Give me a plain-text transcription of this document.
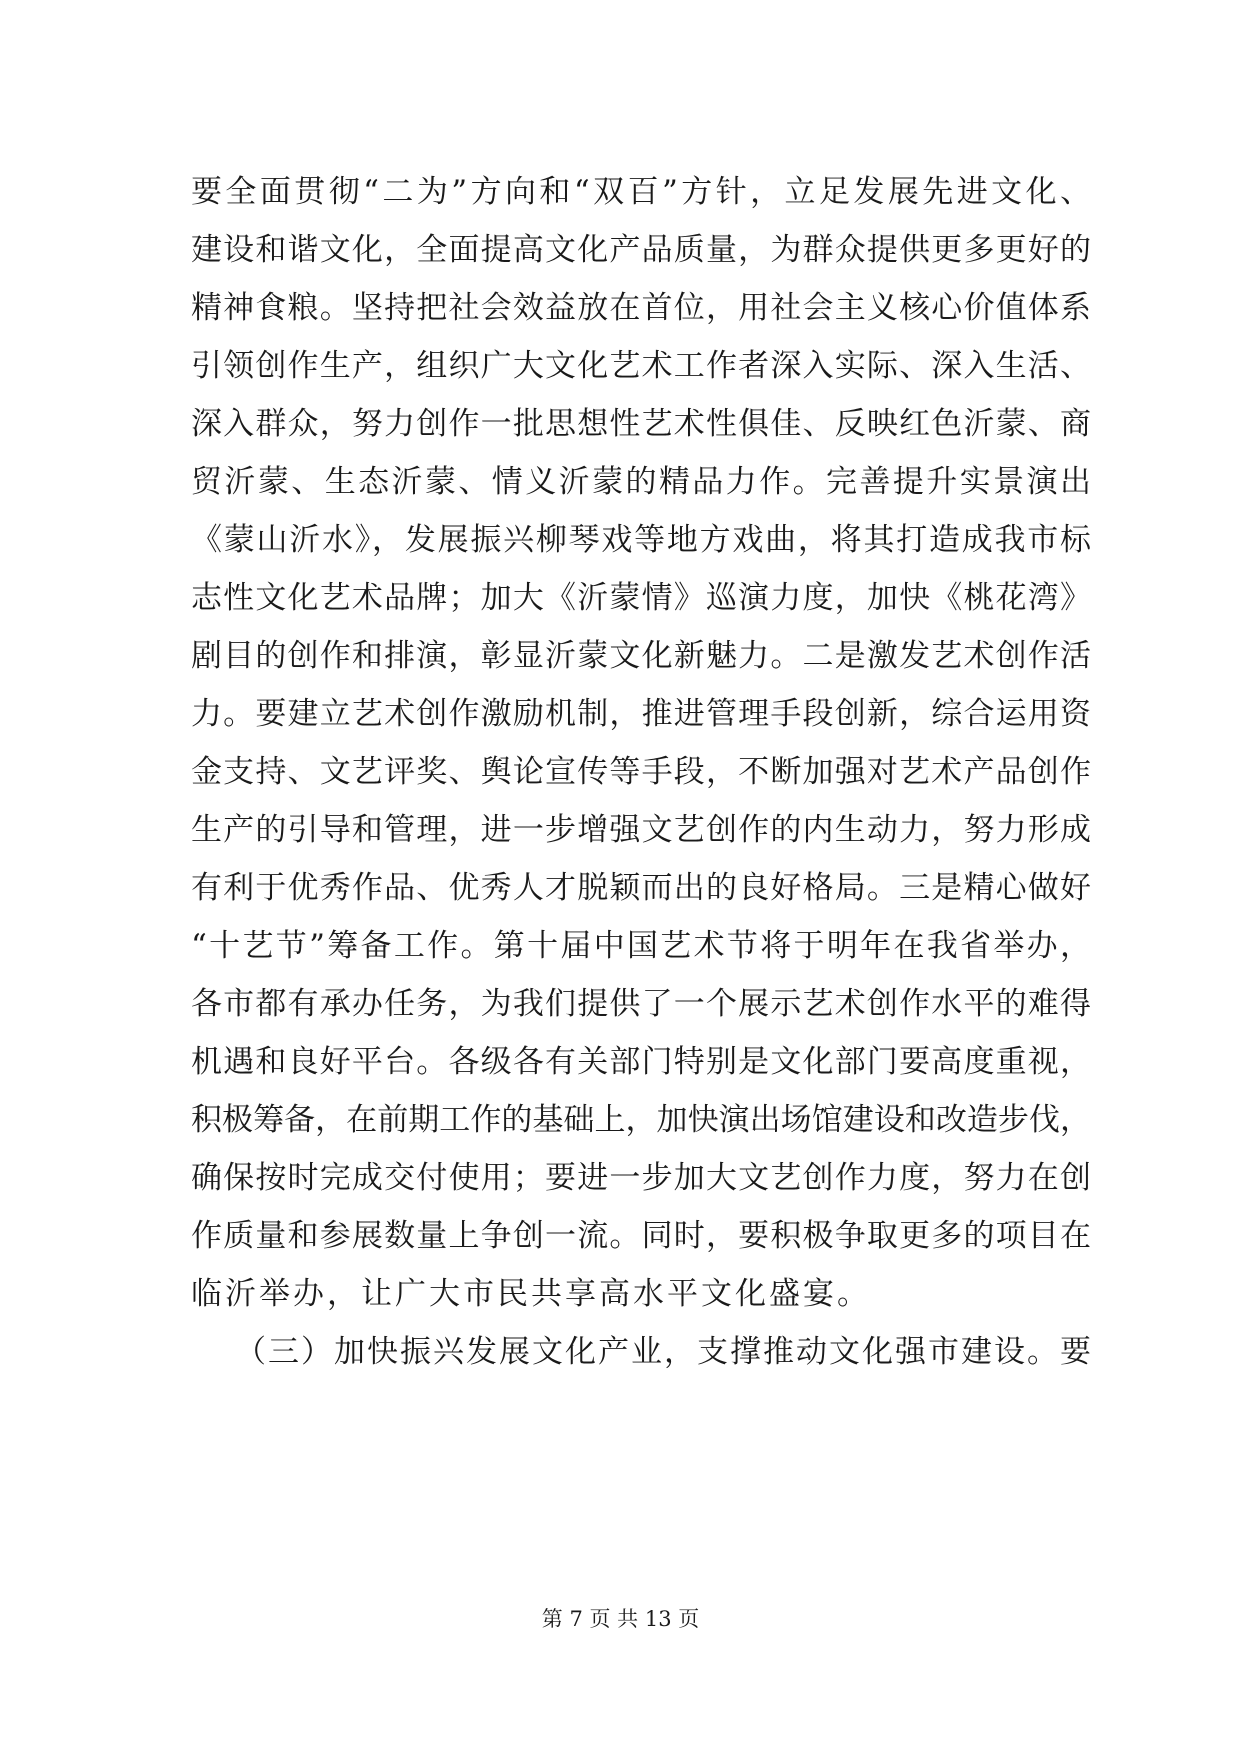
要全面贯彻“二为”方向和“双百”方针，立足发展先进文化、
建设和谐文化，全面提高文化产品质量，为群众提供更多更好的
精神食粮。坚持把社会效益放在首位，用社会主义核心价值体系
引领创作生产，组织广大文化艺术工作者深入实际、深入生活、
深入群众，努力创作一批思想性艺术性俱佳、反映红色沂蒙、商
贸沂蒙、生态沂蒙、情义沂蒙的精品力作。完善提升实景演出
《蒙山沂水》，发展振兴柳琴戏等地方戏曲，将其打造成我市标
志性文化艺术品牌；加大《沂蒙情》巡演力度，加快《桃花湾》
剧目的创作和排演，彰显沂蒙文化新魅力。二是激发艺术创作活
力。要建立艺术创作激励机制，推进管理手段创新，综合运用资
金支持、文艺评奖、舆论宣传等手段，不断加强对艺术产品创作
生产的引导和管理，进一步增强文艺创作的内生动力，努力形成
有利于优秀作品、优秀人才脱颖而出的良好格局。三是精心做好
“十艺节”筹备工作。第十届中国艺术节将于明年在我省举办，
各市都有承办任务，为我们提供了一个展示艺术创作水平的难得
机遇和良好平台。各级各有关部门特别是文化部门要高度重视，
积极筹备，在前期工作的基础上，加快演出场馆建设和改造步伐，
确保按时完成交付使用；要进一步加大文艺创作力度，努力在创
作质量和参展数量上争创一流。同时，要积极争取更多的项目在
临沂举办，让广大市民共享高水平文化盛宴。
（三）加快振兴发展文化产业，支撑推动文化强市建设。要
第 7 页 共 13 页
